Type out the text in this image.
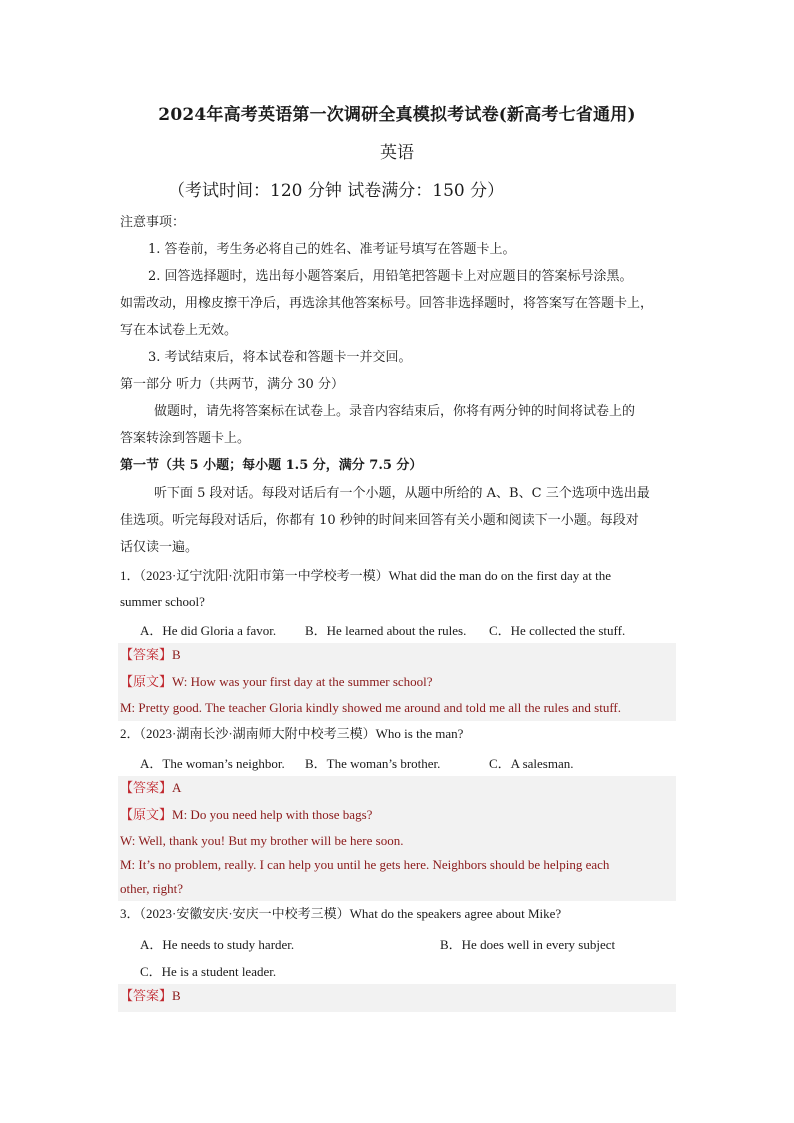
2024年高考英语第一次调研全真模拟考试卷(新高考七省通用)
英语
（考试时间：120 分钟 试卷满分：150 分）
注意事项：
1. 答卷前，考生务必将自己的姓名、准考证号填写在答题卡上。
2. 回答选择题时，选出每小题答案后，用铅笔把答题卡上对应题目的答案标号涂黑。
如需改动，用橡皮擦干净后，再选涂其他答案标号。回答非选择题时，将答案写在答题卡上，
写在本试卷上无效。
3. 考试结束后，将本试卷和答题卡一并交回。
第一部分 听力（共两节，满分 30 分）
做题时，请先将答案标在试卷上。录音内容结束后，你将有两分钟的时间将试卷上的
答案转涂到答题卡上。
第一节（共 5 小题；每小题 1.5 分，满分 7.5 分）
听下面 5 段对话。每段对话后有一个小题，从题中所给的 A、B、C 三个选项中选出最
佳选项。听完每段对话后，你都有 10 秒钟的时间来回答有关小题和阅读下一小题。每段对
话仅读一遍。
1．（2023·辽宁沈阳·沈阳市第一中学校考一模）What did the man do on the first day at the
summer school?
A．He did Gloria a favor. B．He learned about the rules. C．He collected the stuff.
【答案】B
【原文】W: How was your first day at the summer school?
M: Pretty good. The teacher Gloria kindly showed me around and told me all the rules and stuff.
2．（2023·湖南长沙·湖南师大附中校考三模）Who is the man?
A．The woman’s neighbor. B．The woman’s brother.	C．A salesman.
【答案】A
【原文】M: Do you need help with those bags?
W: Well, thank you! But my brother will be here soon.
M: It’s no problem, really. I can help you until he gets here. Neighbors should be helping each
other, right?
3．（2023·安徽安庆·安庆一中校考三模）What do the speakers agree about Mike?
A．He needs to study harder.	B．He does well in every subject
C．He is a student leader.
【答案】B
